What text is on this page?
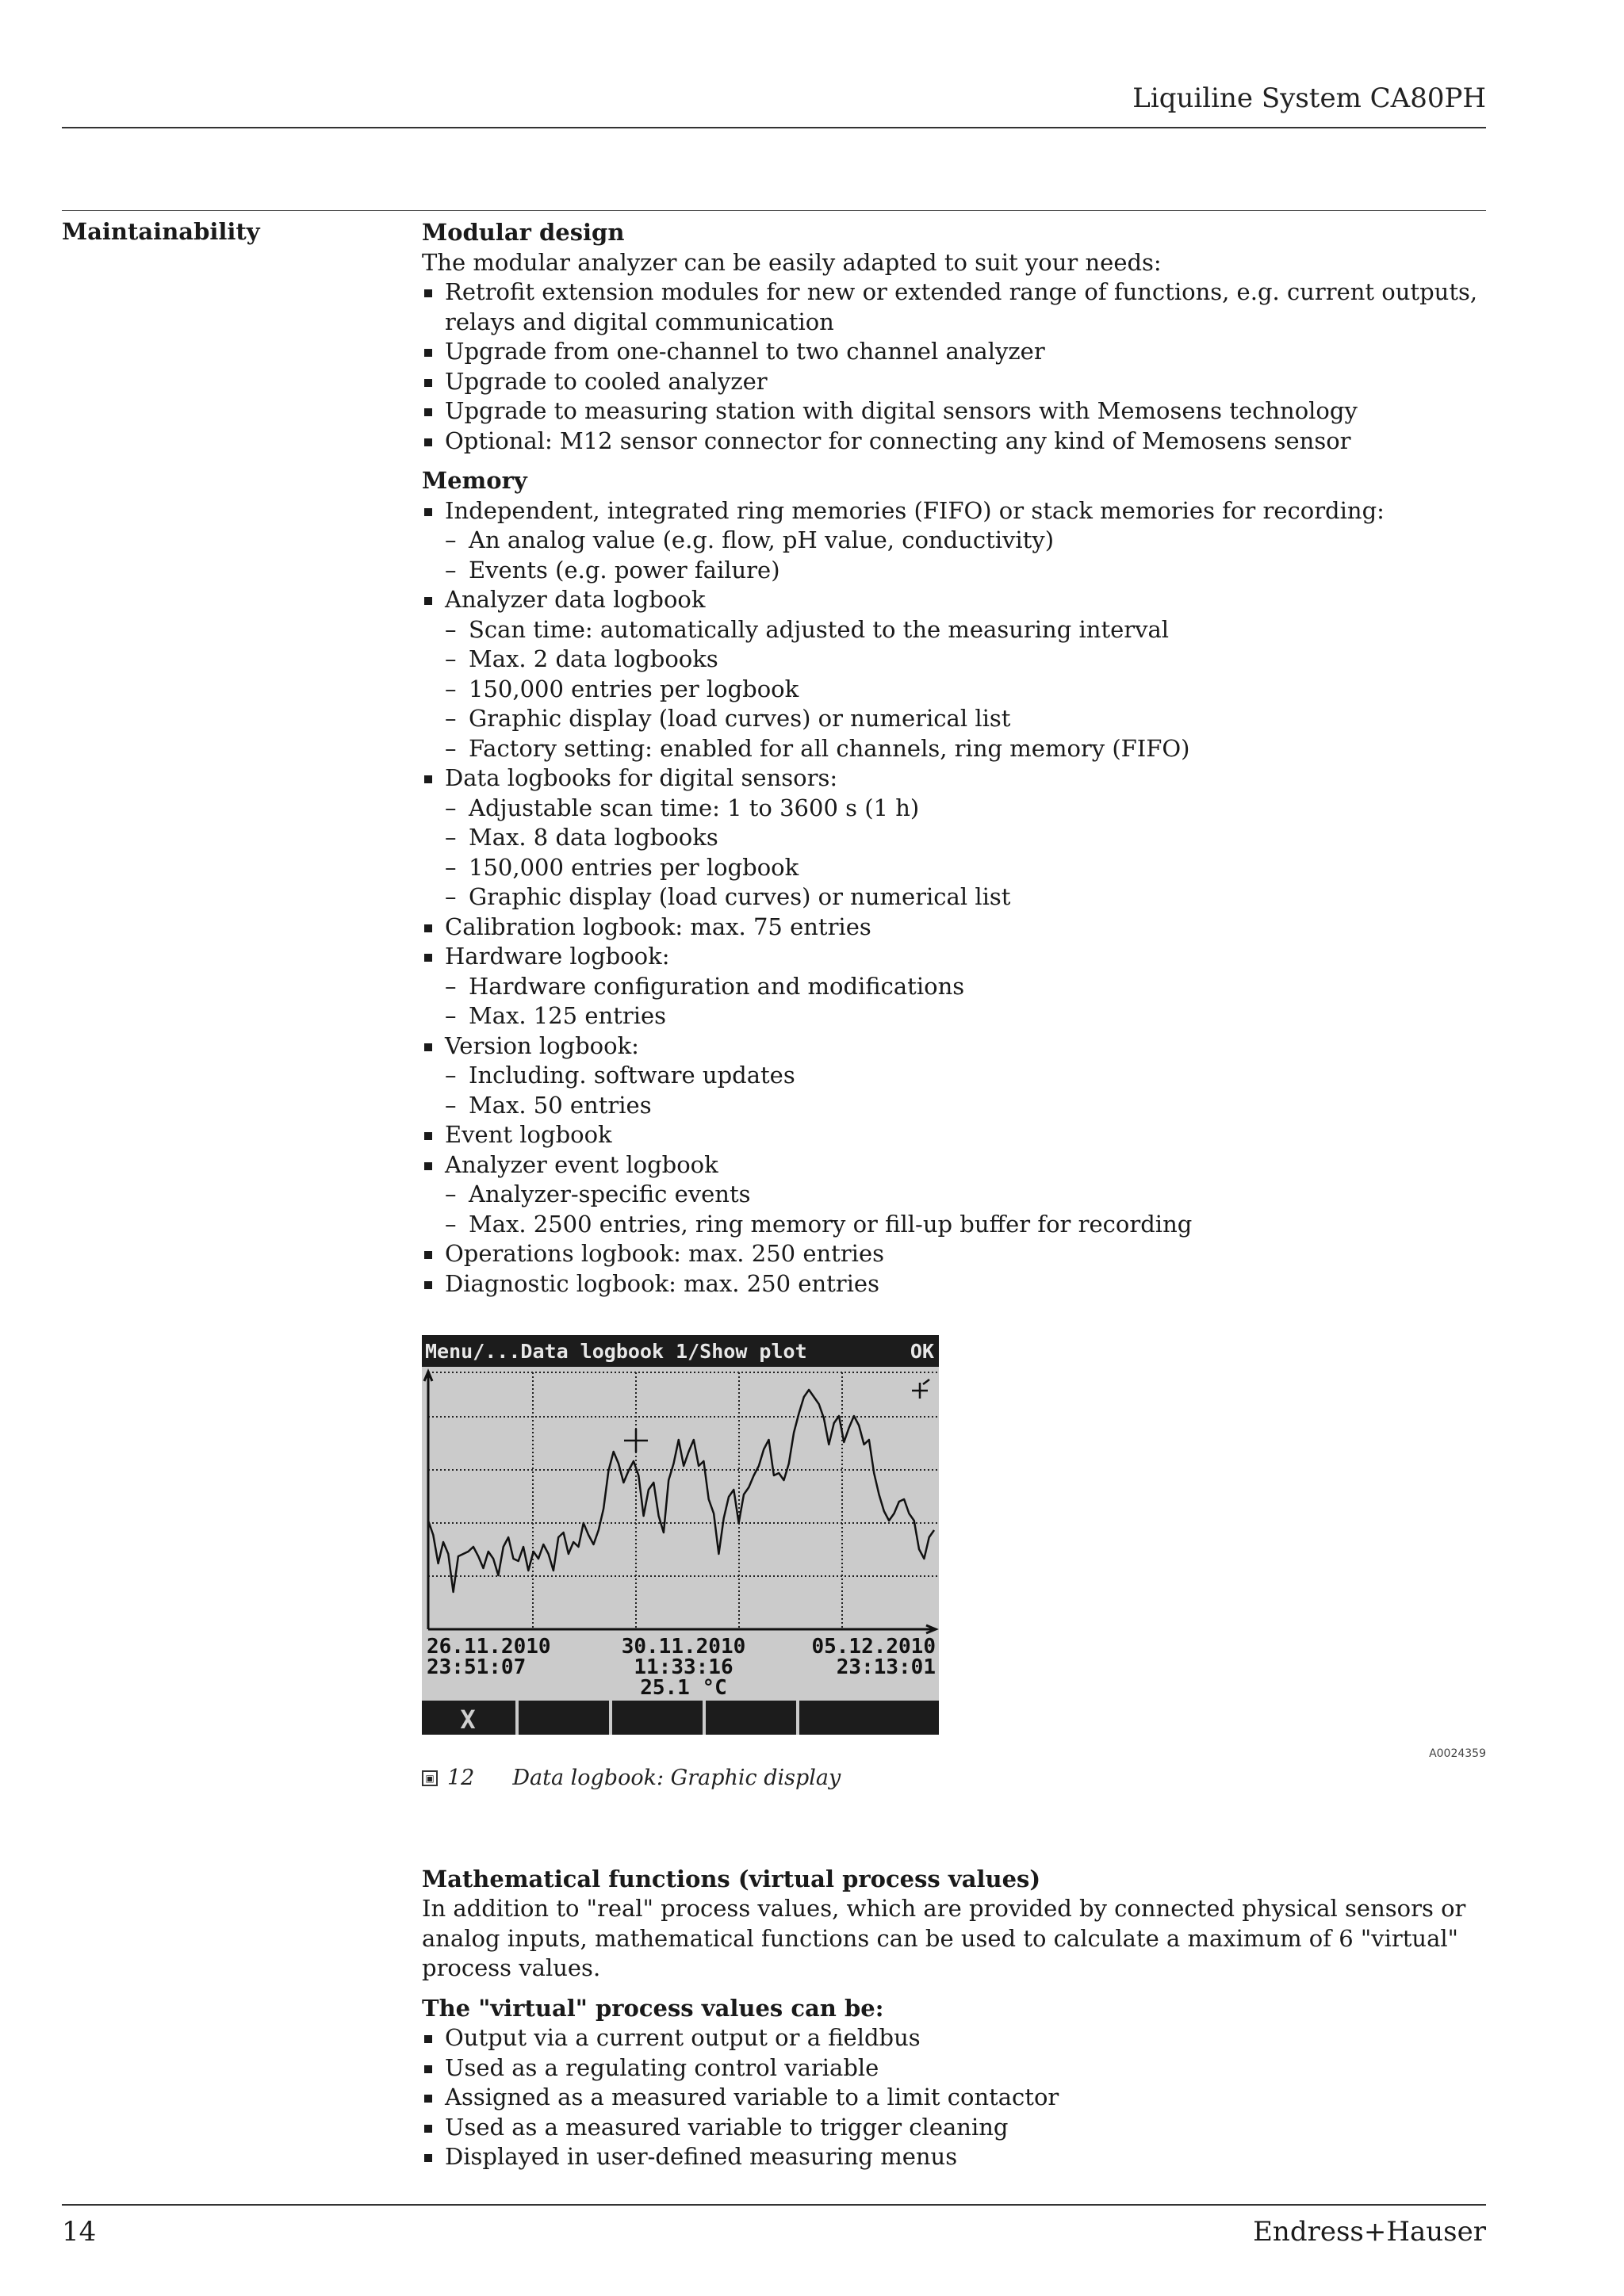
Liquiline System CA80PH
Maintainability	Modular design

The modular analyzer can be easily adapted to suit your needs:

Retrofit extension modules for new or extended range of functions, e.g. current outputs, relays and digital communication
Upgrade from one-channel to two channel analyzer
Upgrade to cooled analyzer
Upgrade to measuring station with digital sensors with Memosens technology
Optional: M12 sensor connector for connecting any kind of Memosens sensor

Memory

Independent, integrated ring memories (FIFO) or stack memories for recording:
– An analog value (e.g. flow, pH value, conductivity)
– Events (e.g. power failure)
Analyzer data logbook
– Scan time: automatically adjusted to the measuring interval
– Max. 2 data logbooks
– 150,000 entries per logbook
– Graphic display (load curves) or numerical list
– Factory setting: enabled for all channels, ring memory (FIFO)
Data logbooks for digital sensors:
– Adjustable scan time: 1 to 3600 s (1 h)
– Max. 8 data logbooks
– 150,000 entries per logbook
– Graphic display (load curves) or numerical list
Calibration logbook: max. 75 entries
Hardware logbook:
– Hardware configuration and modifications
– Max. 125 entries
Version logbook:
– Including. software updates
– Max. 50 entries
Event logbook
Analyzer event logbook
– Analyzer-specific events
– Max. 2500 entries, ring memory or fill-up buffer for recording
Operations logbook: max. 250 entries
Diagnostic logbook: max. 250 entries
Menu/...Data logbook 1/Show plot	OK
26.11.2010
23:51:07
30.11.2010
11:33:16
25.1 °C
05.12.2010
23:13:01
X
A0024359
▣ 12 Data logbook: Graphic display

Mathematical functions (virtual process values)

In addition to "real" process values, which are provided by connected physical sensors or analog inputs, mathematical functions can be used to calculate a maximum of 6 "virtual" process values.

The "virtual" process values can be:

Output via a current output or a fieldbus
Used as a regulating control variable
Assigned as a measured variable to a limit contactor
Used as a measured variable to trigger cleaning
Displayed in user-defined measuring menus
14	Endress+Hauser
